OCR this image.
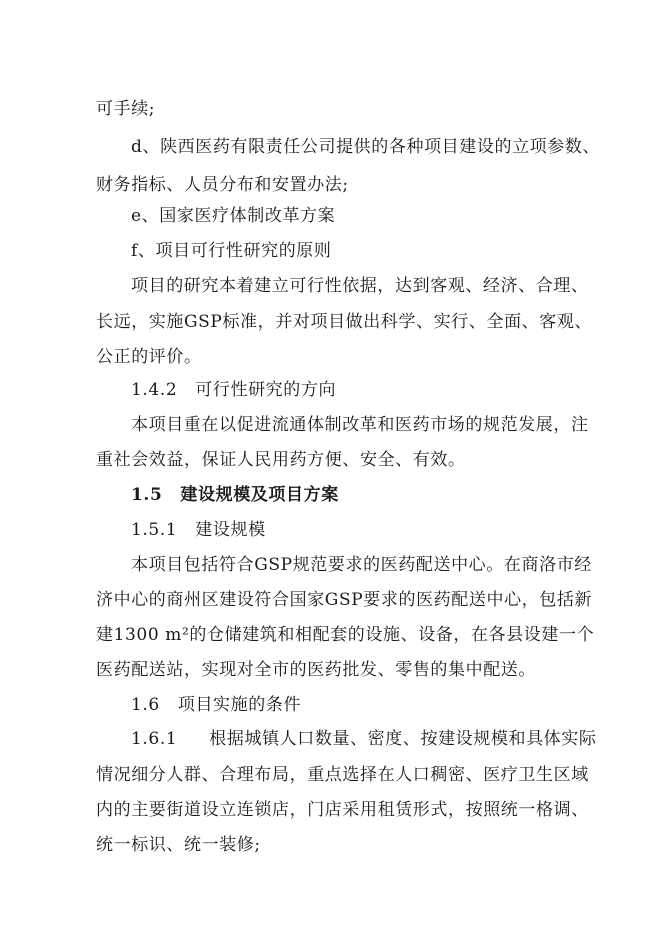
可手续;
d、陕西医药有限责任公司提供的各种项目建设的立项参数、
财务指标、人员分布和安置办法;
e、国家医疗体制改革方案
f、项目可行性研究的原则
项目的研究本着建立可行性依据，达到客观、经济、合理、
长远，实施GSP标准，并对项目做出科学、实行、全面、客观、
公正的评价。
1.4.2 可行性研究的方向
本项目重在以促进流通体制改革和医药市场的规范发展，注
重社会效益，保证人民用药方便、安全、有效。
1.5 建设规模及项目方案
1.5.1 建设规模
本项目包括符合GSP规范要求的医药配送中心。在商洛市经
济中心的商州区建设符合国家GSP要求的医药配送中心，包括新
建1300 m²的仓储建筑和相配套的设施、设备，在各县设建一个
医药配送站，实现对全市的医药批发、零售的集中配送。
1.6 项目实施的条件
1.6.1 根据城镇人口数量、密度、按建设规模和具体实际
情况细分人群、合理布局，重点选择在人口稠密、医疗卫生区域
内的主要街道设立连锁店，门店采用租赁形式，按照统一格调、
统一标识、统一装修;
